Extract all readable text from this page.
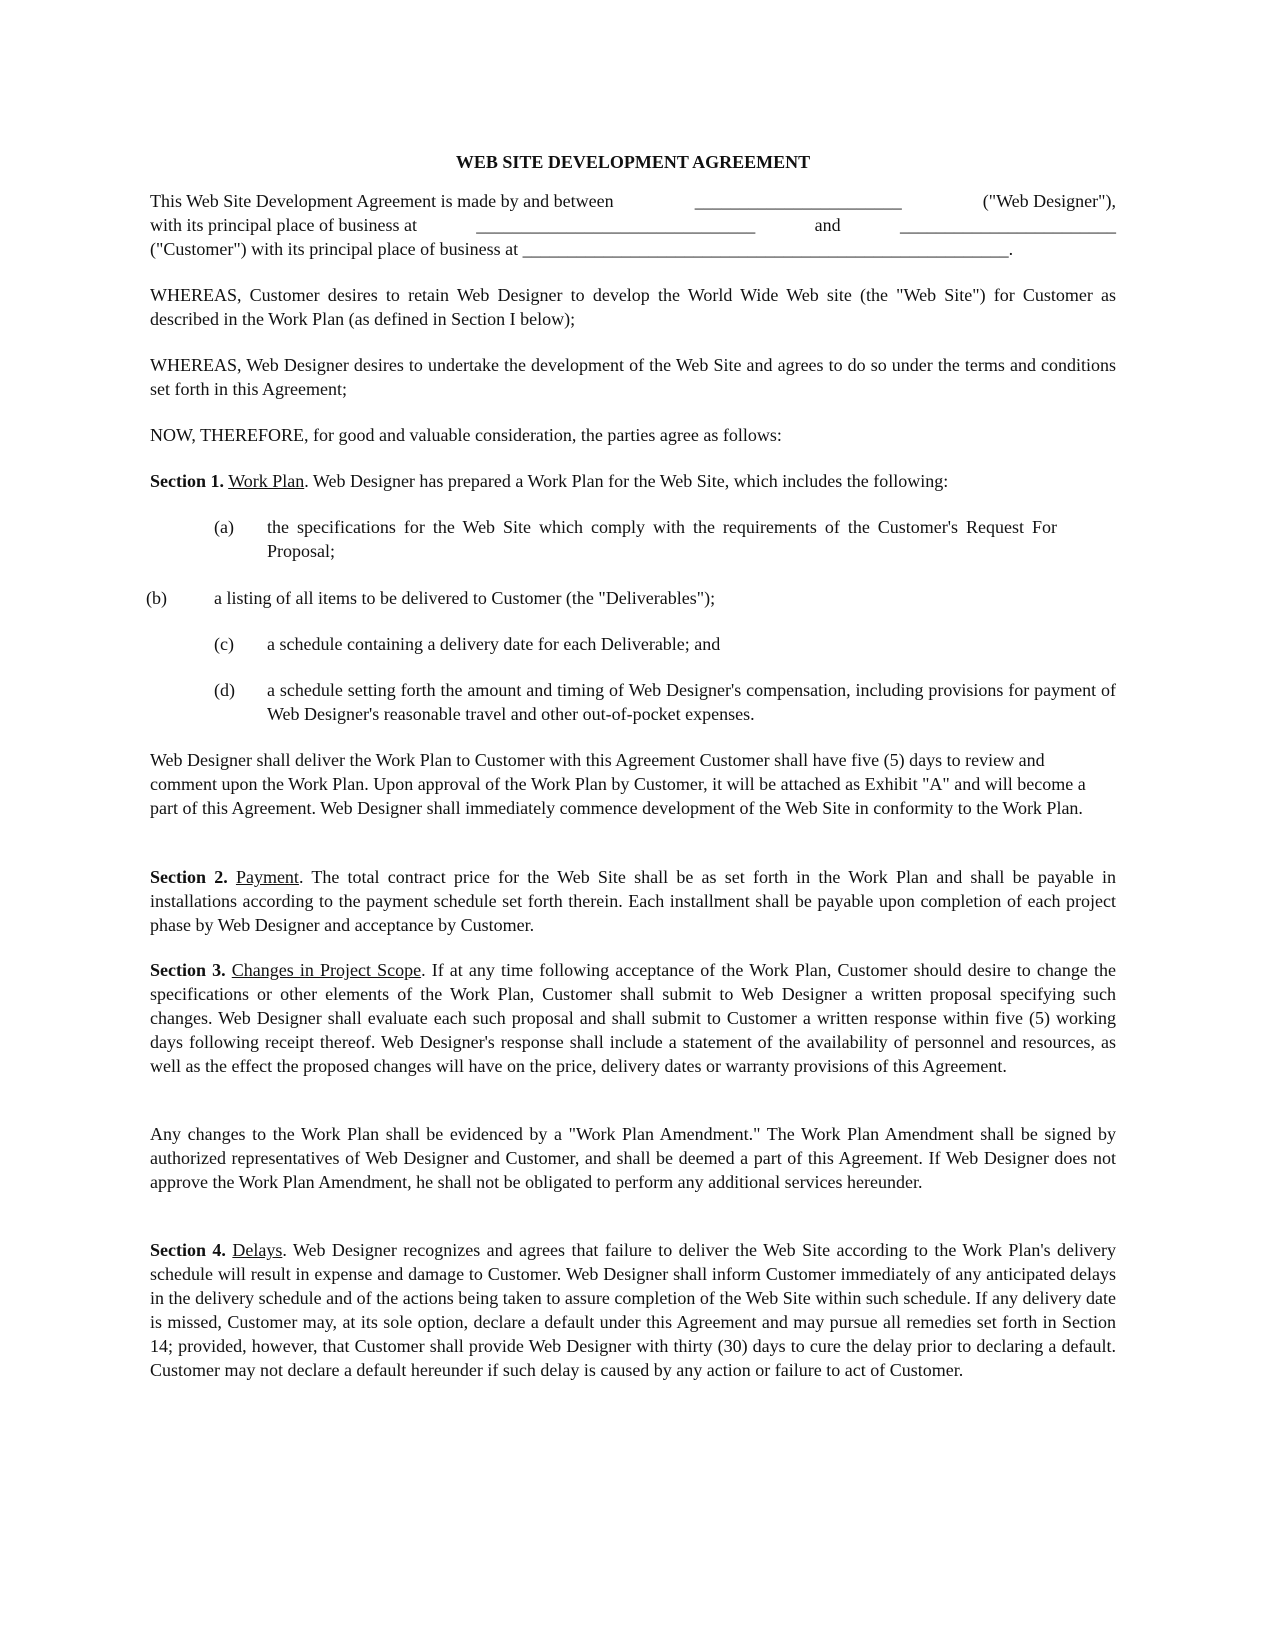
WEB SITE DEVELOPMENT AGREEMENT
This Web Site Development Agreement is made by and between	_______________________	("Web Designer"),
with its principal place of business at	_______________________________	and	________________________
("Customer") with its principal place of business at ______________________________________________________.
WHEREAS, Customer desires to retain Web Designer to develop the World Wide Web site (the "Web Site") for Customer as described in the Work Plan (as defined in Section I below);
WHEREAS, Web Designer desires to undertake the development of the Web Site and agrees to do so under the terms and conditions set forth in this Agreement;
NOW, THEREFORE, for good and valuable consideration, the parties agree as follows:
Section 1. Work Plan. Web Designer has prepared a Work Plan for the Web Site, which includes the following:
(a) the specifications for the Web Site which comply with the requirements of the Customer's Request For Proposal;
(b)	a listing of all items to be delivered to Customer (the "Deliverables");
(c) a schedule containing a delivery date for each Deliverable; and
(d) a schedule setting forth the amount and timing of Web Designer's compensation, including provisions for payment of Web Designer's reasonable travel and other out-of-pocket expenses.
Web Designer shall deliver the Work Plan to Customer with this Agreement Customer shall have five (5) days to review and comment upon the Work Plan. Upon approval of the Work Plan by Customer, it will be attached as Exhibit "A" and will become a part of this Agreement. Web Designer shall immediately commence development of the Web Site in conformity to the Work Plan.
Section 2. Payment. The total contract price for the Web Site shall be as set forth in the Work Plan and shall be payable in installations according to the payment schedule set forth therein. Each installment shall be payable upon completion of each project phase by Web Designer and acceptance by Customer.
Section 3. Changes in Project Scope. If at any time following acceptance of the Work Plan, Customer should desire to change the specifications or other elements of the Work Plan, Customer shall submit to Web Designer a written proposal specifying such changes. Web Designer shall evaluate each such proposal and shall submit to Customer a written response within five (5) working days following receipt thereof. Web Designer's response shall include a statement of the availability of personnel and resources, as well as the effect the proposed changes will have on the price, delivery dates or warranty provisions of this Agreement.
Any changes to the Work Plan shall be evidenced by a "Work Plan Amendment." The Work Plan Amendment shall be signed by authorized representatives of Web Designer and Customer, and shall be deemed a part of this Agreement. If Web Designer does not approve the Work Plan Amendment, he shall not be obligated to perform any additional services hereunder.
Section 4. Delays. Web Designer recognizes and agrees that failure to deliver the Web Site according to the Work Plan's delivery schedule will result in expense and damage to Customer. Web Designer shall inform Customer immediately of any anticipated delays in the delivery schedule and of the actions being taken to assure completion of the Web Site within such schedule. If any delivery date is missed, Customer may, at its sole option, declare a default under this Agreement and may pursue all remedies set forth in Section 14; provided, however, that Customer shall provide Web Designer with thirty (30) days to cure the delay prior to declaring a default. Customer may not declare a default hereunder if such delay is caused by any action or failure to act of Customer.
